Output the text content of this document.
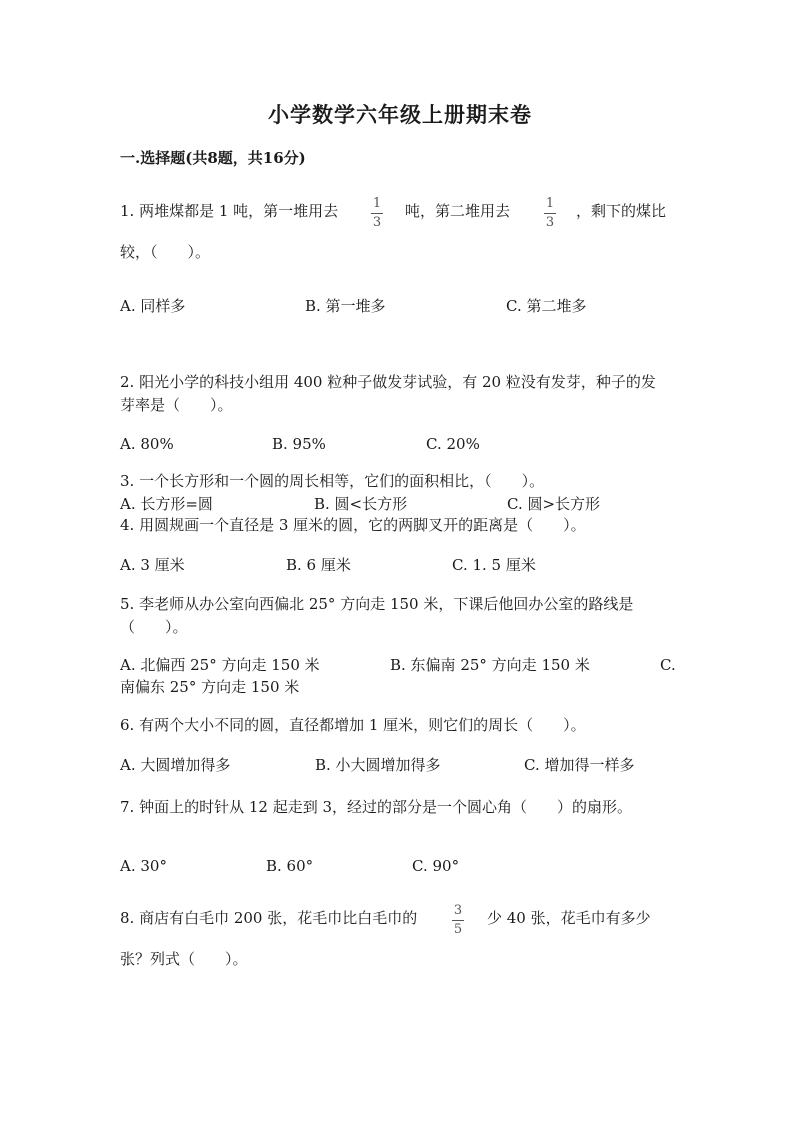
小学数学六年级上册期末卷
一.选择题(共8题，共16分)
1. 两堆煤都是 1 吨，第一堆用去	1
3
吨，第二堆用去	1
3
，剩下的煤比
较，（　　）。
A. 同样多	B. 第一堆多	C. 第二堆多
2. 阳光小学的科技小组用 400 粒种子做发芽试验，有 20 粒没有发芽，种子的发
芽率是（　　）。
A. 80%	B. 95%	C. 20%
3. 一个长方形和一个圆的周长相等，它们的面积相比，（　　）。
A. 长方形=圆	B. 圆<长方形	C. 圆>长方形
4. 用圆规画一个直径是 3 厘米的圆，它的两脚叉开的距离是（　　）。
A. 3 厘米	B. 6 厘米	C. 1. 5 厘米
5. 李老师从办公室向西偏北 25° 方向走 150 米，下课后他回办公室的路线是
（　　）。
A. 北偏西 25° 方向走 150 米	B. 东偏南 25° 方向走 150 米	C.
南偏东 25° 方向走 150 米
6. 有两个大小不同的圆，直径都增加 1 厘米，则它们的周长（　　）。
A. 大圆增加得多	B. 小大圆增加得多	C. 增加得一样多
7. 钟面上的时针从 12 起走到 3，经过的部分是一个圆心角（　　）的扇形。
A. 30°	B. 60°	C. 90°
8. 商店有白毛巾 200 张，花毛巾比白毛巾的	3
5
少 40 张，花毛巾有多少
张？列式（　　）。
